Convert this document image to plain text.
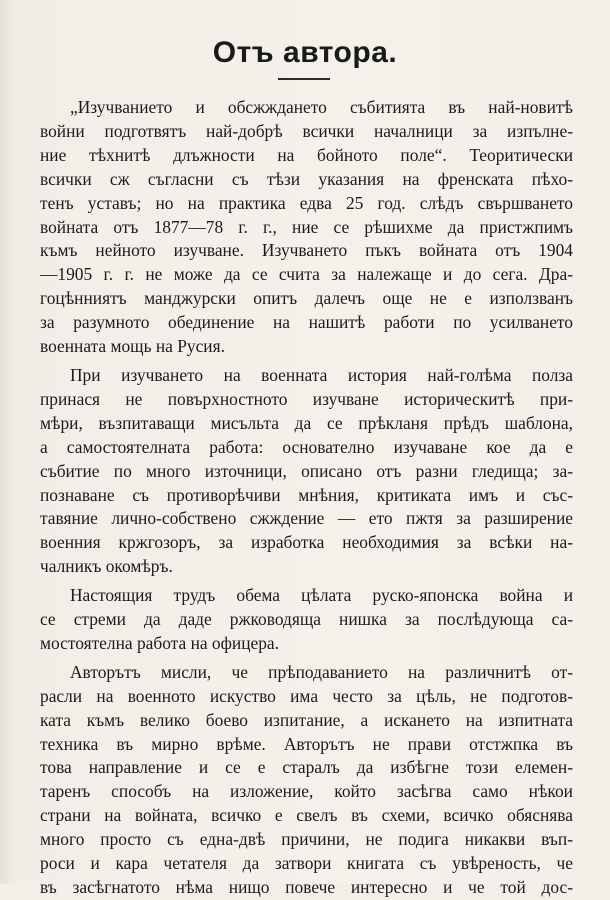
Отъ автора.

„Изучванието и обсжждането събитията въ най-новитѣ
войни подготвятъ най-добрѣ всички началници за изпълне-
ние тѣхнитѣ длъжности на бойното поле“. Теоритически
всички сж съгласни съ тѣзи указания на френската пѣхо-
тенъ уставъ; но на практика едва 25 год. слѣдъ свършването
войната отъ 1877—78 г. г., ние се рѣшихме да пристжпимъ
къмъ нейното изучване. Изучването пъкъ войната отъ 1904
—1905 г. г. не може да се счита за належаще и до сега. Дра-
гоцѣнниятъ манджурски опитъ далечъ още не е използванъ
за разумното обединение на нашитѣ работи по усилването
военната мощь на Русия.

При изучването на военната история най-голѣма полза
принася не повърхностното изучване историческитѣ при-
мѣри, възпитаващи мисъльта да се прѣкланя прѣдъ шаблона,
а самостоятелната работа: основателно изучаване кое да е
събитие по много източници, описано отъ разни гледища; за-
познаване съ противорѣчиви мнѣния, критиката имъ и със-
тавяние лично-собствено сжждение — ето пжтя за разширение
военния кржгозоръ, за изработка необходимия за всѣки на-
чалникъ окомѣръ.

Настоящия трудъ обема цѣлата руско-японска война и
се стреми да даде ржководяща нишка за послѣдующа са-
мостоятелна работа на офицера.

Авторътъ мисли, че прѣподаванието на различнитѣ от-
расли на военното искуство има често за цѣль, не подготов-
ката къмъ велико боево изпитание, а искането на изпитната
техника въ мирно врѣме. Авторътъ не прави отстжпка въ
това направление и се е старалъ да избѣгне този елемен-
таренъ способъ на изложение, който засѣгва само нѣкои
страни на войната, всичко е свелъ въ схеми, всичко обяснява
много просто съ една-двѣ причини, не подига никакви въп-
роси и кара четателя да затвори книгата съ увѣреность, че
въ засѣгнатото нѣма нищо повече интересно и че той дос-
